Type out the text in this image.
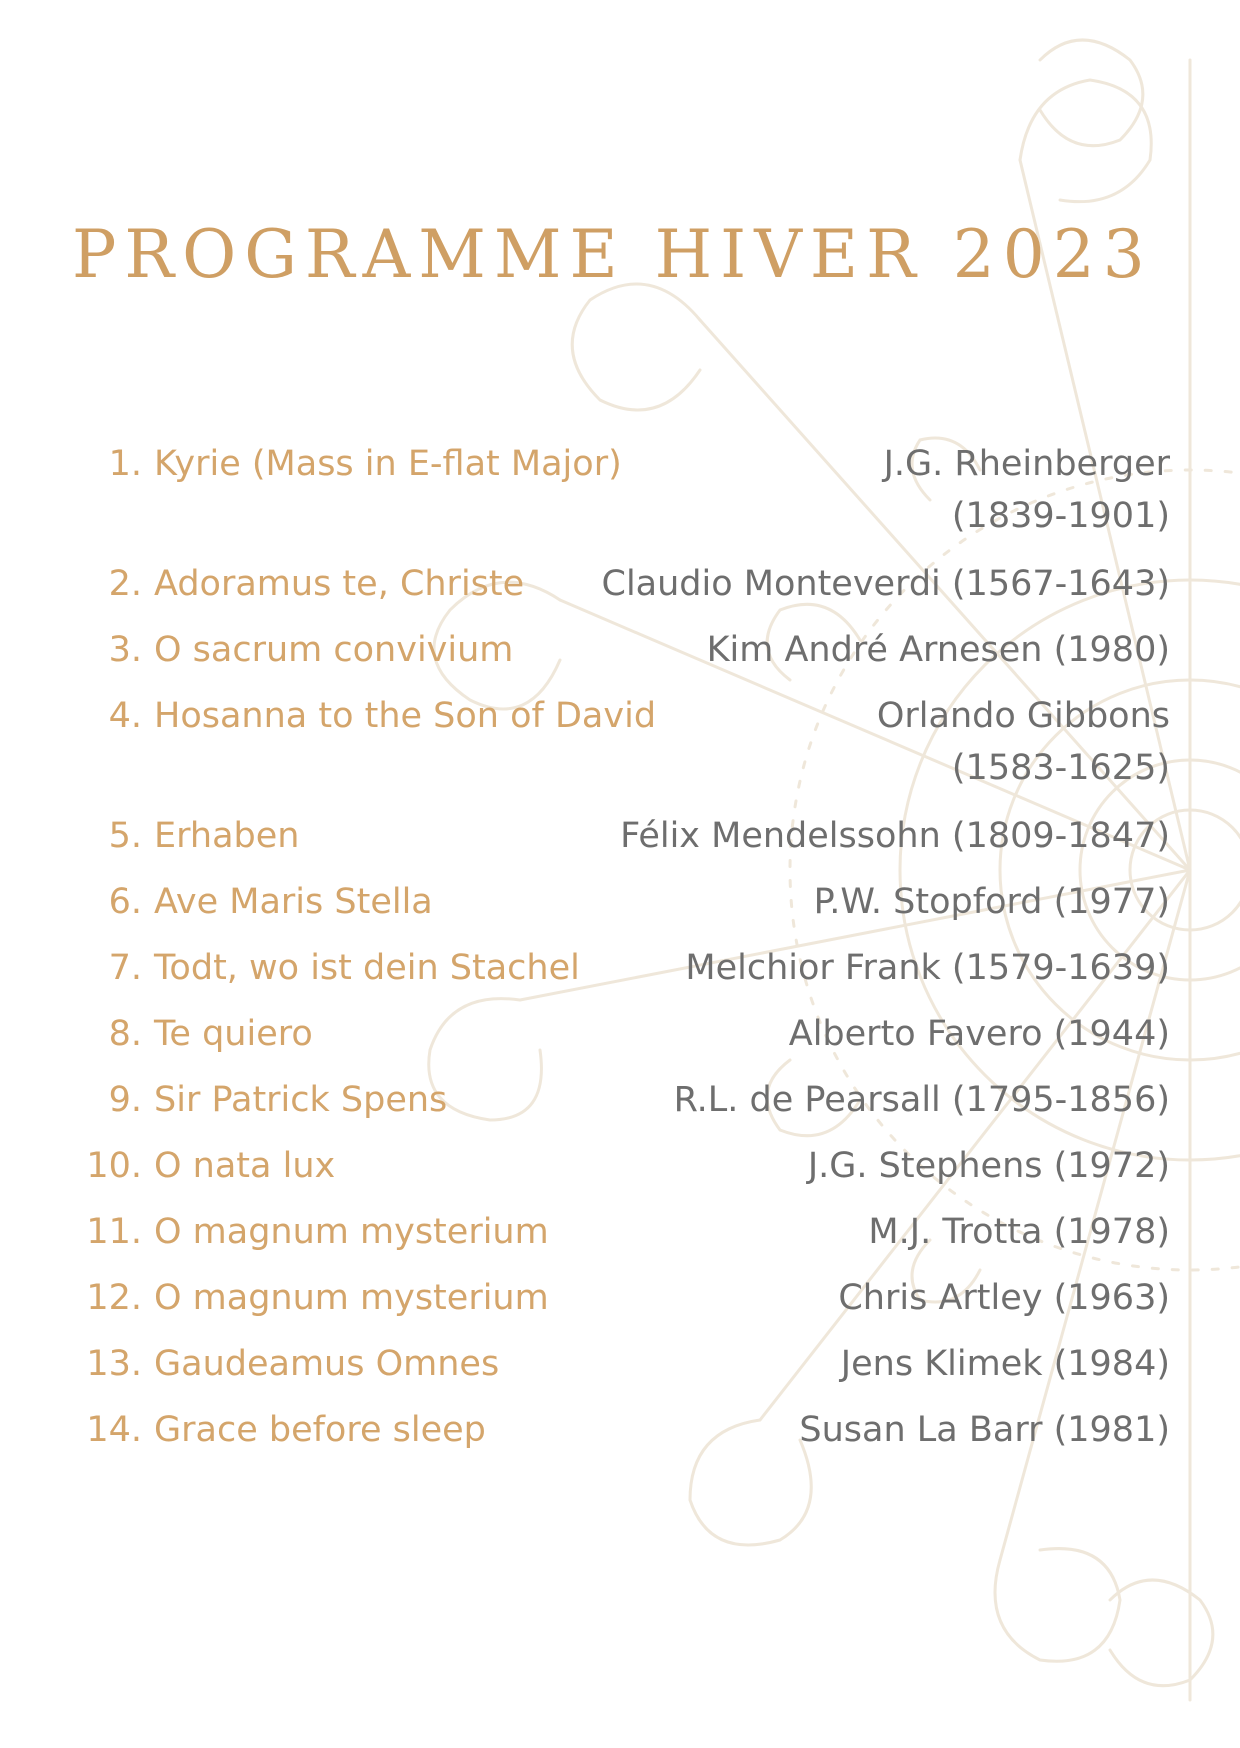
PROGRAMME HIVER 2023
1. Kyrie (Mass in E-flat Major)	J.G. Rheinberger (1839-1901)
2. Adoramus te, Christe	Claudio Monteverdi (1567-1643)
3. O sacrum convivium	Kim André Arnesen (1980)
4. Hosanna to the Son of David	Orlando Gibbons (1583-1625)
5. Erhaben	Félix Mendelssohn (1809-1847)
6. Ave Maris Stella	P.W. Stopford (1977)
7. Todt, wo ist dein Stachel	Melchior Frank (1579-1639)
8. Te quiero	Alberto Favero (1944)
9. Sir Patrick Spens	R.L. de Pearsall (1795-1856)
10. O nata lux	J.G. Stephens (1972)
11. O magnum mysterium	M.J. Trotta (1978)
12. O magnum mysterium	Chris Artley (1963)
13. Gaudeamus Omnes	Jens Klimek (1984)
14. Grace before sleep	Susan La Barr (1981)
